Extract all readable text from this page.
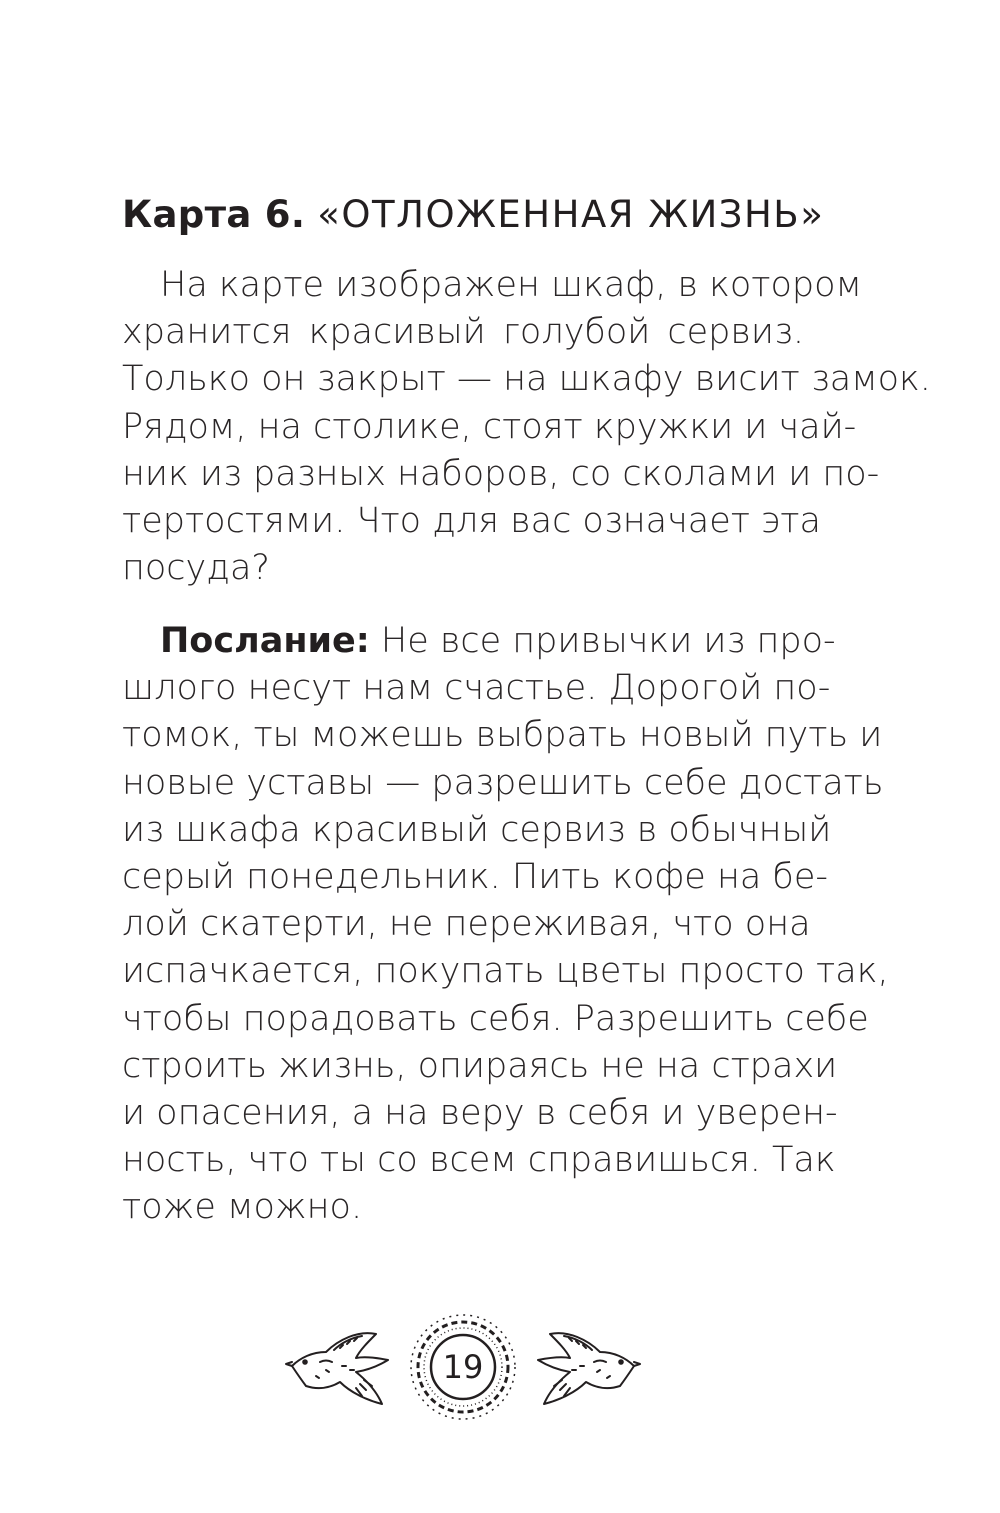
Карта 6. «ОТЛОЖЕННАЯ ЖИЗНЬ»
На карте изображен шкаф, в котором
хранится красивый голубой сервиз.
Только он закрыт — на шкафу висит замок.
Рядом, на столике, стоят кружки и чай-
ник из разных наборов, со сколами и по-
тертостями. Что для вас означает эта
посуда?
Послание: Не все привычки из про-
шлого несут нам счастье. Дорогой по-
томок, ты можешь выбрать новый путь и
новые уставы — разрешить себе достать
из шкафа красивый сервиз в обычный
серый понедельник. Пить кофе на бе-
лой скатерти, не переживая, что она
испачкается, покупать цветы просто так,
чтобы порадовать себя. Разрешить себе
строить жизнь, опираясь не на страхи
и опасения, а на веру в себя и уверен-
ность, что ты со всем справишься. Так
тоже можно.
19
